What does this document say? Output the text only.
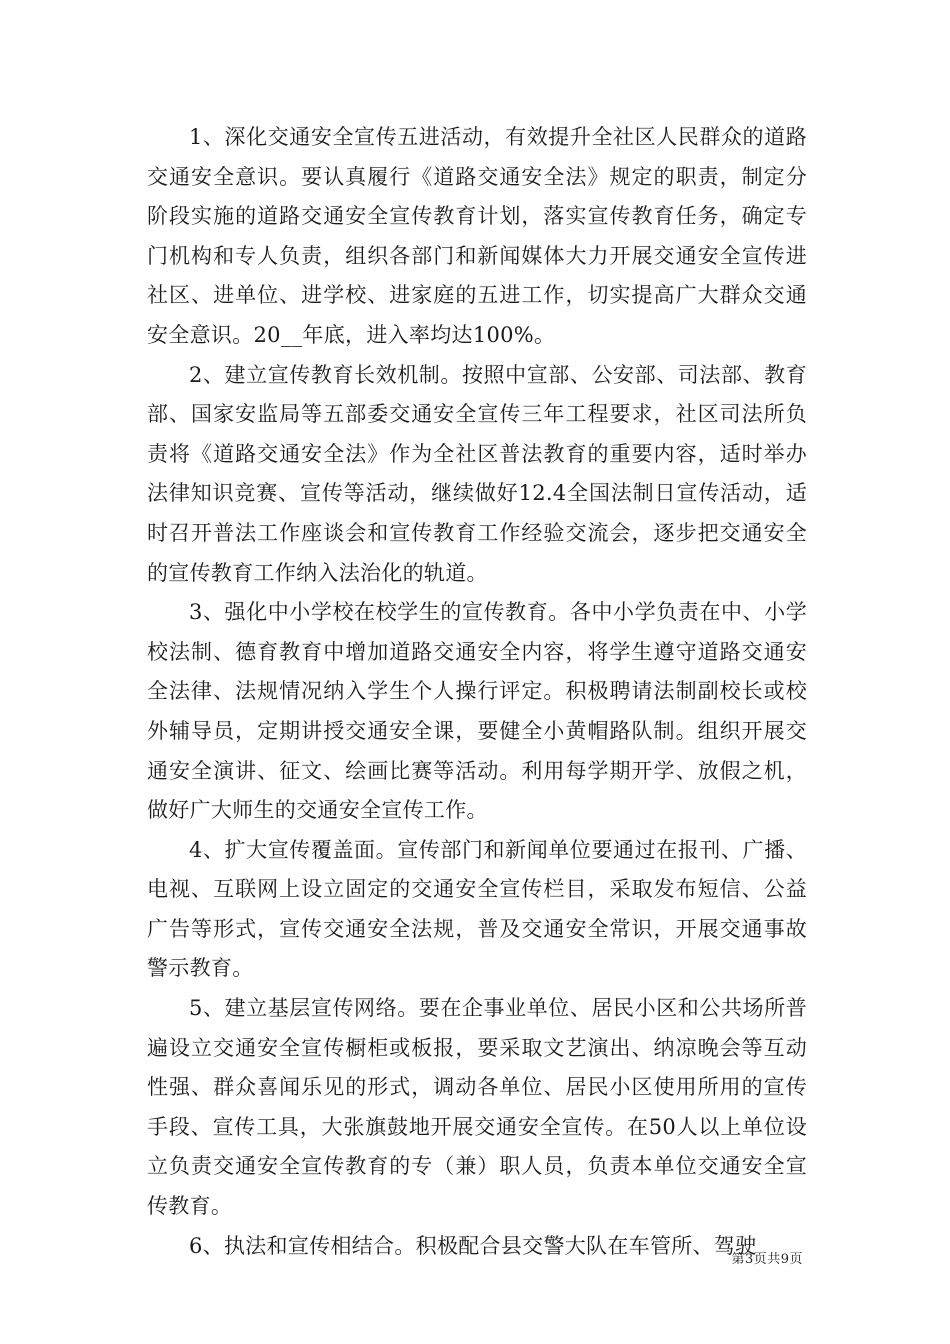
1、深化交通安全宣传五进活动，有效提升全社区人民群众的道路交通安全意识。要认真履行《道路交通安全法》规定的职责，制定分阶段实施的道路交通安全宣传教育计划，落实宣传教育任务，确定专门机构和专人负责，组织各部门和新闻媒体大力开展交通安全宣传进社区、进单位、进学校、进家庭的五进工作，切实提高广大群众交通安全意识。20__年底，进入率均达100%。

2、建立宣传教育长效机制。按照中宣部、公安部、司法部、教育部、国家安监局等五部委交通安全宣传三年工程要求，社区司法所负责将《道路交通安全法》作为全社区普法教育的重要内容，适时举办法律知识竞赛、宣传等活动，继续做好12.4全国法制日宣传活动，适时召开普法工作座谈会和宣传教育工作经验交流会，逐步把交通安全的宣传教育工作纳入法治化的轨道。

3、强化中小学校在校学生的宣传教育。各中小学负责在中、小学校法制、德育教育中增加道路交通安全内容，将学生遵守道路交通安全法律、法规情况纳入学生个人操行评定。积极聘请法制副校长或校外辅导员，定期讲授交通安全课，要健全小黄帽路队制。组织开展交通安全演讲、征文、绘画比赛等活动。利用每学期开学、放假之机，做好广大师生的交通安全宣传工作。

4、扩大宣传覆盖面。宣传部门和新闻单位要通过在报刊、广播、电视、互联网上设立固定的交通安全宣传栏目，采取发布短信、公益广告等形式，宣传交通安全法规，普及交通安全常识，开展交通事故警示教育。

5、建立基层宣传网络。要在企事业单位、居民小区和公共场所普遍设立交通安全宣传橱柜或板报，要采取文艺演出、纳凉晚会等互动性强、群众喜闻乐见的形式，调动各单位、居民小区使用所用的宣传手段、宣传工具，大张旗鼓地开展交通安全宣传。在50人以上单位设立负责交通安全宣传教育的专（兼）职人员，负责本单位交通安全宣传教育。

6、执法和宣传相结合。积极配合县交警大队在车管所、驾驶

第3页共9页
